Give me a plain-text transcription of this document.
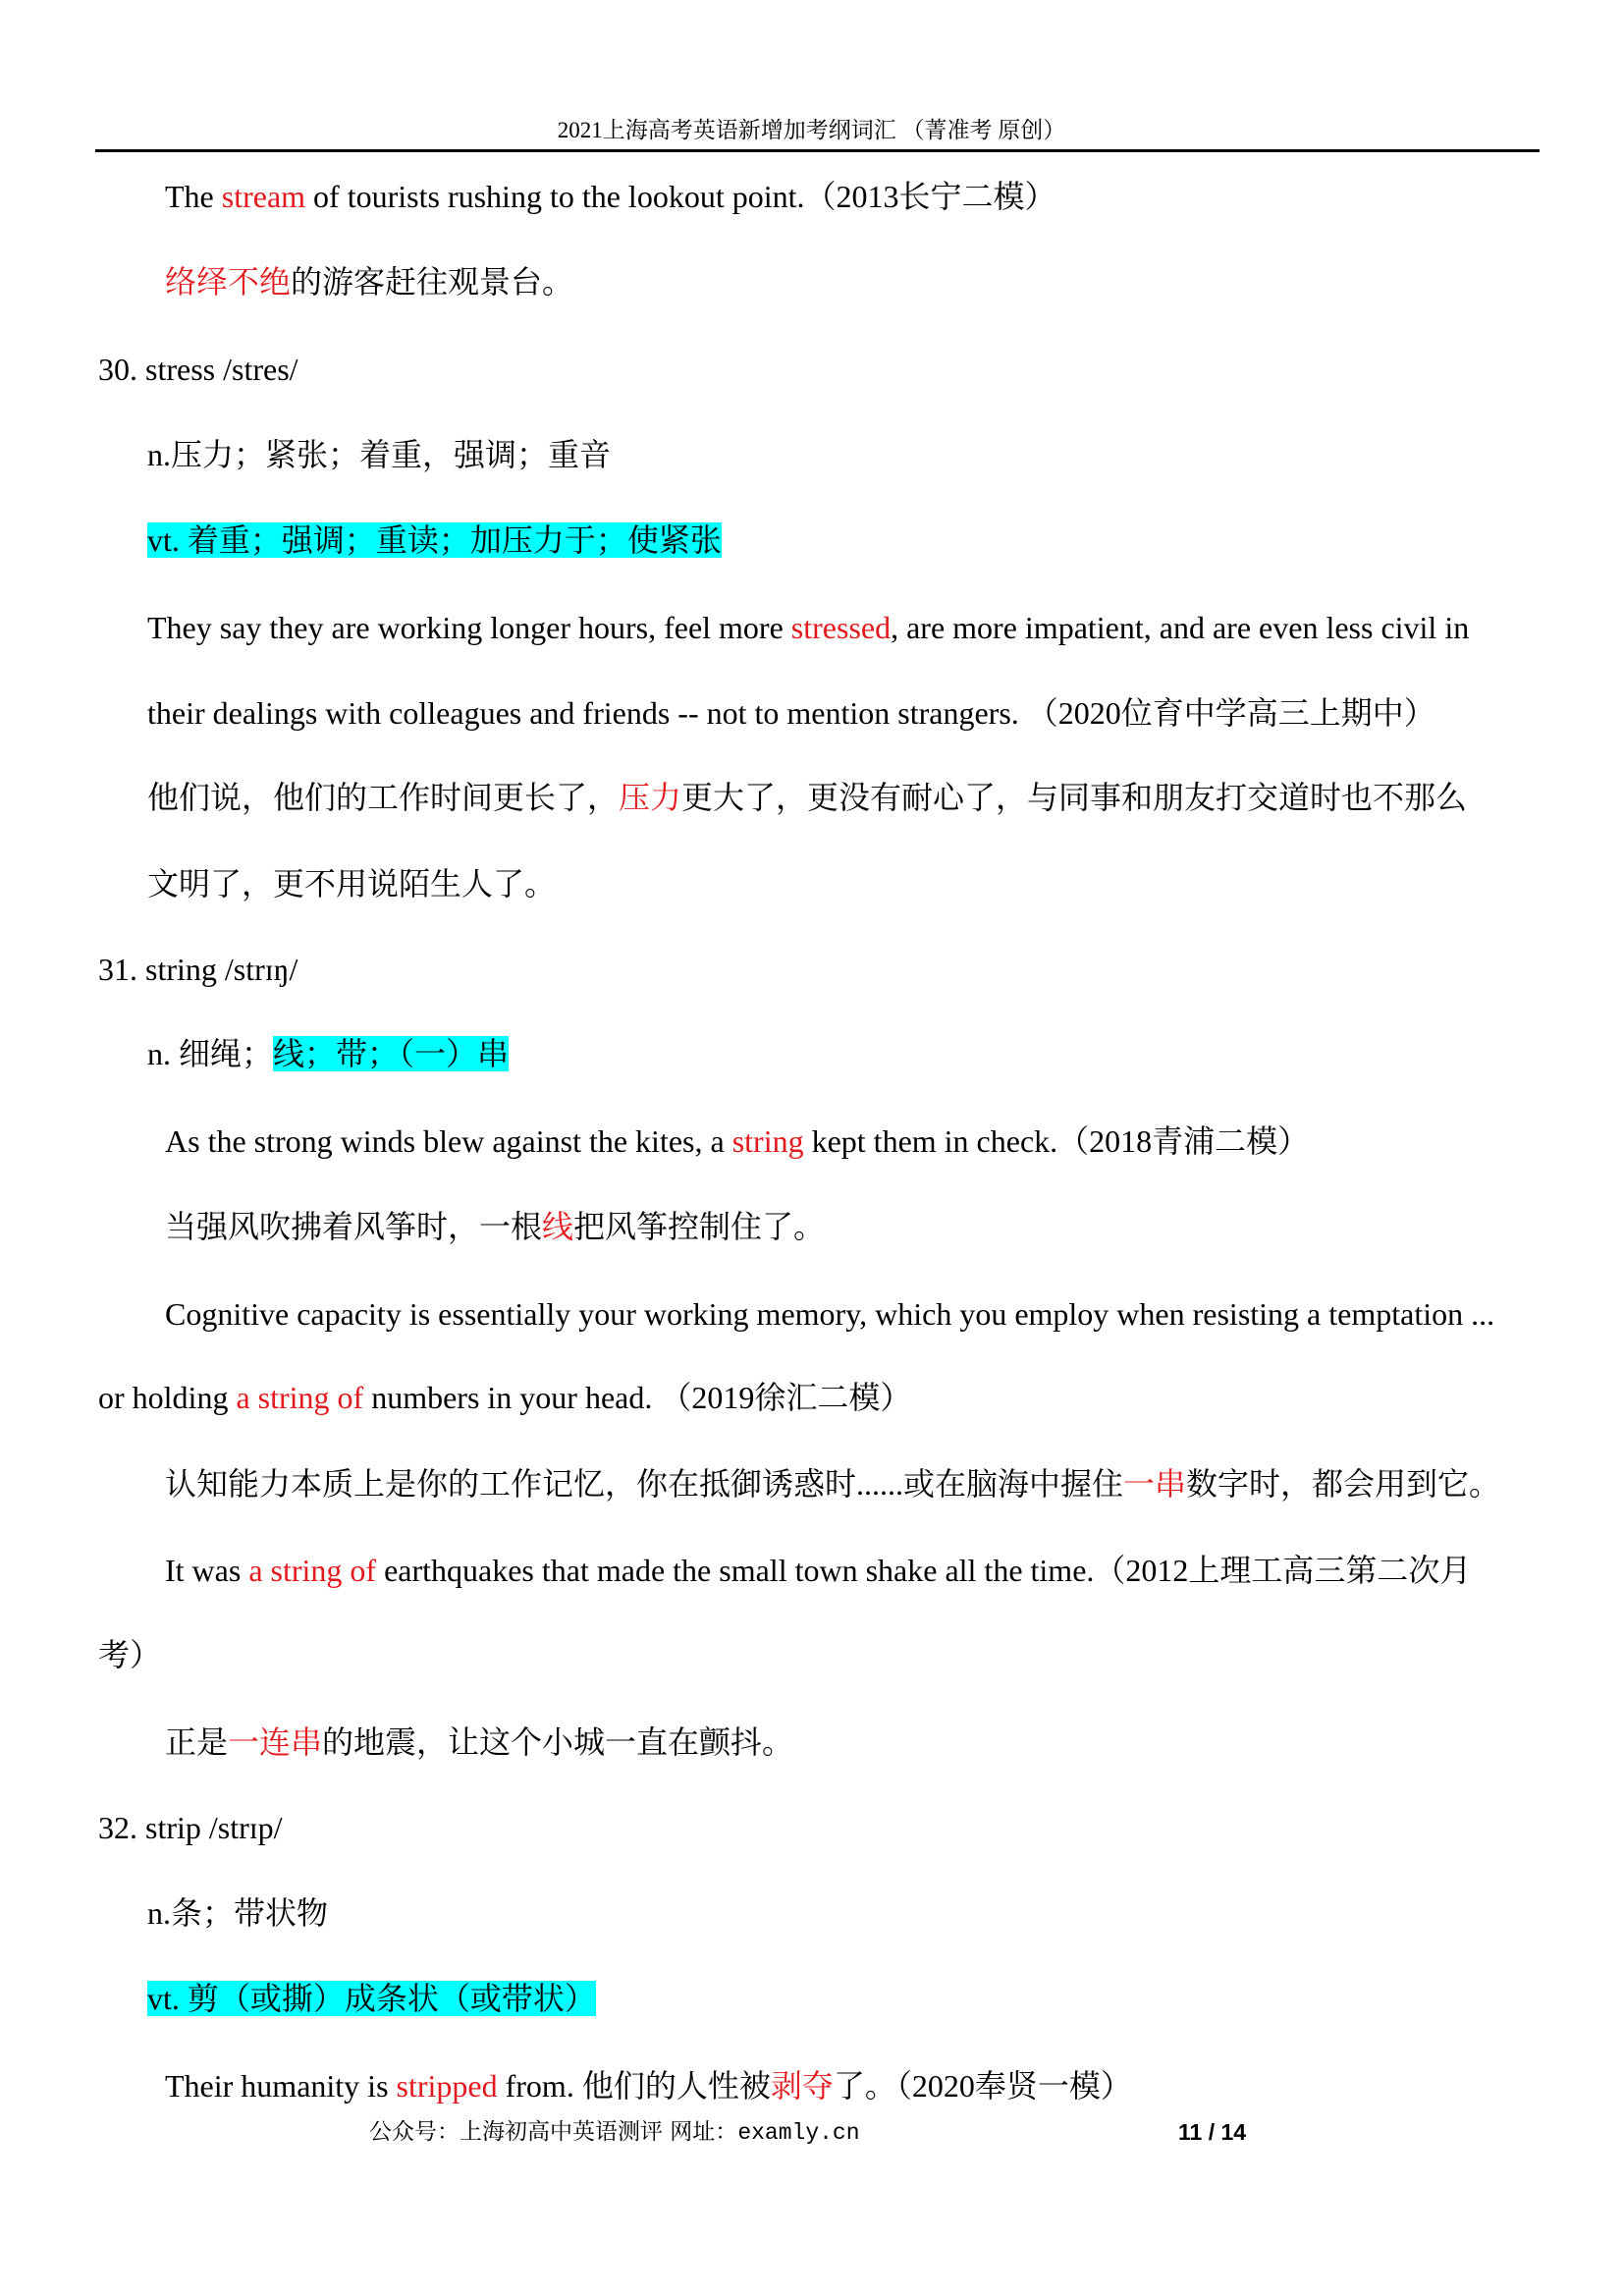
2021上海高考英语新增加考纲词汇 （菁准考 原创）
The stream of tourists rushing to the lookout point.（2013长宁二模）
络绎不绝的游客赶往观景台。
30. stress /stres/
n.压力；紧张；着重，强调；重音
vt. 着重；强调；重读；加压力于；使紧张
They say they are working longer hours, feel more stressed, are more impatient, and are even less civil in
their dealings with colleagues and friends -- not to mention strangers. （2020位育中学高三上期中）
他们说，他们的工作时间更长了，压力更大了，更没有耐心了，与同事和朋友打交道时也不那么
文明了，更不用说陌生人了。
31. string /strɪŋ/
n. 细绳；线；带；（一）串
As the strong winds blew against the kites, a string kept them in check.（2018青浦二模）
当强风吹拂着风筝时，一根线把风筝控制住了。
Cognitive capacity is essentially your working memory, which you employ when resisting a temptation ...
or holding a string of numbers in your head. （2019徐汇二模）
认知能力本质上是你的工作记忆，你在抵御诱惑时......或在脑海中握住一串数字时，都会用到它。
It was a string of earthquakes that made the small town shake all the time.（2012上理工高三第二次月
考）
正是一连串的地震，让这个小城一直在颤抖。
32. strip /strɪp/
n.条；带状物
vt. 剪（或撕）成条状（或带状）
Their humanity is stripped from. 他们的人性被剥夺了。（2020奉贤一模）
公众号：上海初高中英语测评 网址：examly.cn	11 / 14
